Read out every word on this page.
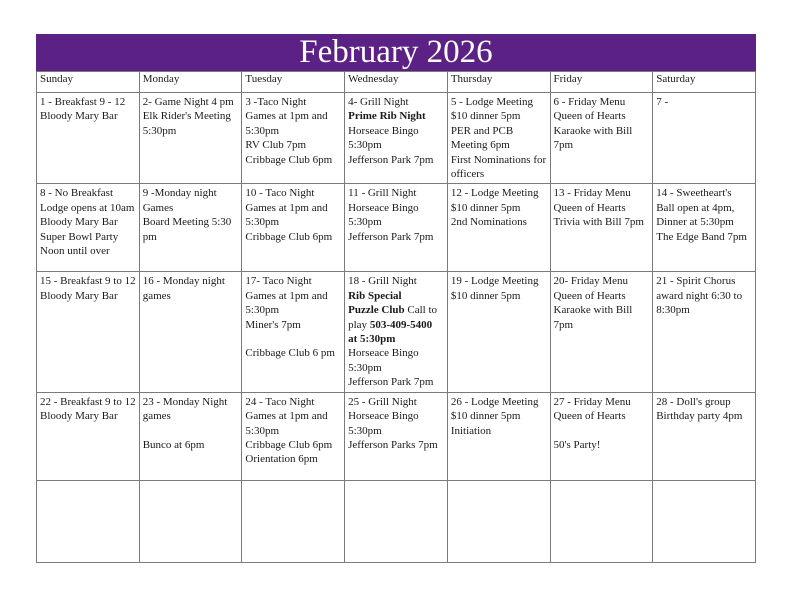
February 2026
Sunday	Monday	Tuesday	Wednesday	Thursday	Friday	Saturday

1 - Breakfast 9 - 12
Bloody Mary Bar	2- Game Night 4 pm
Elk Rider's Meeting 5:30pm	3 -Taco Night
Games at 1pm and 5:30pm
RV Club 7pm
Cribbage Club 6pm	4- Grill Night
Prime Rib Night
Horseace Bingo 5:30pm
Jefferson Park 7pm	5 - Lodge Meeting
$10 dinner 5pm
PER and PCB Meeting 6pm
First Nominations for officers	6 - Friday Menu
Queen of Hearts
Karaoke with Bill 7pm	7 -

8 - No Breakfast
Lodge opens at 10am
Bloody Mary Bar
Super Bowl Party Noon until over	9 -Monday night Games
Board Meeting 5:30 pm	10 - Taco Night
Games at 1pm and 5:30pm
Cribbage Club 6pm	11 - Grill Night
Horseace Bingo 5:30pm
Jefferson Park 7pm	12 - Lodge Meeting
$10 dinner 5pm
2nd Nominations	13 - Friday Menu
Queen of Hearts
Trivia with Bill 7pm	14 - Sweetheart's Ball open at 4pm, Dinner at 5:30pm
The Edge Band 7pm

15 - Breakfast 9 to 12
Bloody Mary Bar	16 - Monday night games	17- Taco Night
Games at 1pm and 5:30pm
Miner's 7pm
Cribbage Club 6 pm	18 - Grill Night
Rib Special
Puzzle Club Call to play 503-409-5400 at 5:30pm
Horseace Bingo 5:30pm
Jefferson Park 7pm	19 - Lodge Meeting
$10 dinner 5pm	20- Friday Menu
Queen of Hearts
Karaoke with Bill 7pm	21 - Spirit Chorus award night 6:30 to 8:30pm

22 - Breakfast 9 to 12
Bloody Mary Bar	23 - Monday Night games
Bunco at 6pm	24 - Taco Night
Games at 1pm and 5:30pm
Cribbage Club 6pm
Orientation 6pm	25 - Grill Night
Horseace Bingo 5:30pm
Jefferson Parks 7pm	26 - Lodge Meeting
$10 dinner 5pm
Initiation	27 - Friday Menu
Queen of Hearts
50's Party!	28 - Doll's group Birthday party 4pm
